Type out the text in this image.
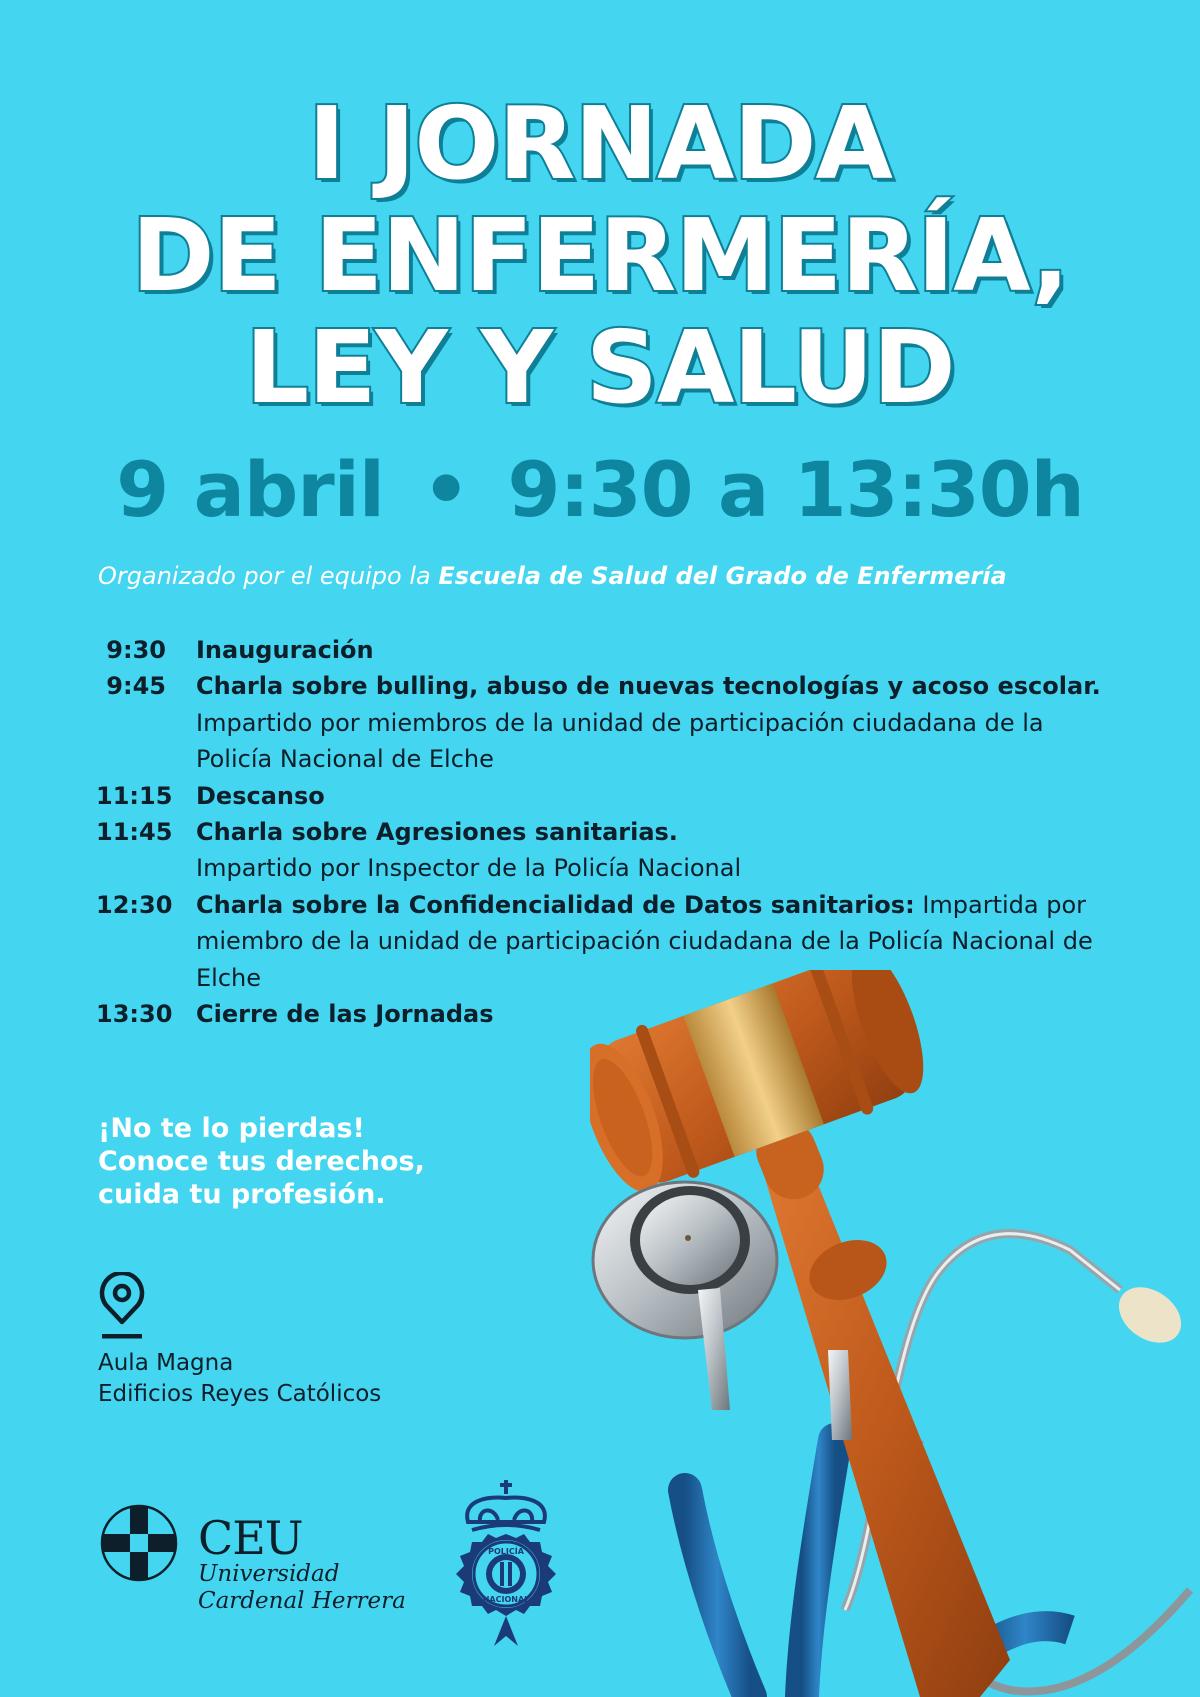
I JORNADA
DE ENFERMERÍA,
LEY Y SALUD
9 abril • 9:30 a 13:30h
Organizado por el equipo la Escuela de Salud del Grado de Enfermería
9:30 Inauguración
9:45 Charla sobre bulling, abuso de nuevas tecnologías y acoso escolar.
Impartido por miembros de la unidad de participación ciudadana de la Policía Nacional de Elche
11:15 Descanso
11:45 Charla sobre Agresiones sanitarias.
Impartido por Inspector de la Policía Nacional
12:30 Charla sobre la Confidencialidad de Datos sanitarios: Impartida por miembro de la unidad de participación ciudadana de la Policía Nacional de Elche
13:30 Cierre de las Jornadas
¡No te lo pierdas!
Conoce tus derechos,
cuida tu profesión.
Aula Magna
Edificios Reyes Católicos
CEU
Universidad
Cardenal Herrera
POLICÍA
NACIONAL
